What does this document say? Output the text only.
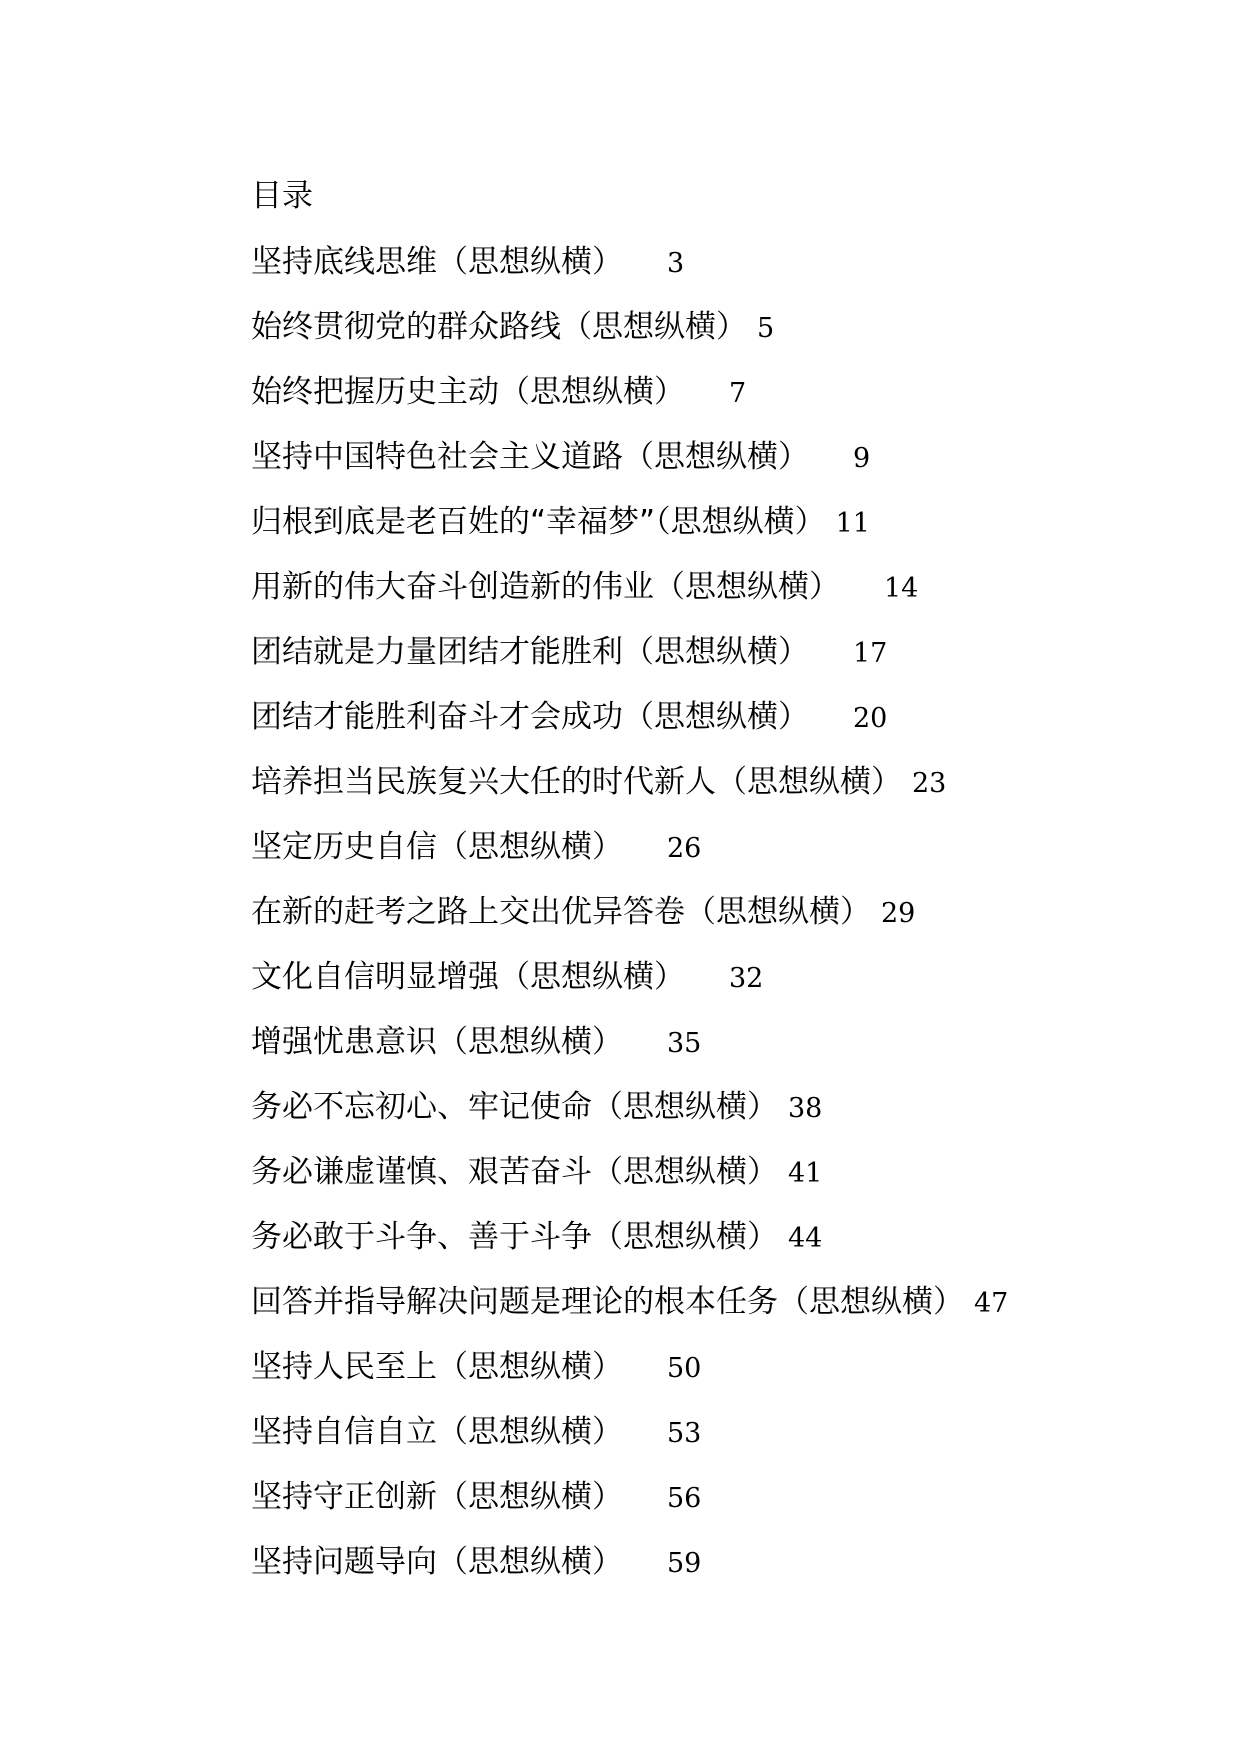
目录
坚持底线思维（思想纵横） 3
始终贯彻党的群众路线（思想纵横） 5
始终把握历史主动（思想纵横） 7
坚持中国特色社会主义道路（思想纵横） 9
归根到底是老百姓的“幸福梦”（思想纵横） 11
用新的伟大奋斗创造新的伟业（思想纵横） 14
团结就是力量团结才能胜利（思想纵横） 17
团结才能胜利奋斗才会成功（思想纵横） 20
培养担当民族复兴大任的时代新人（思想纵横） 23
坚定历史自信（思想纵横） 26
在新的赶考之路上交出优异答卷（思想纵横） 29
文化自信明显增强（思想纵横） 32
增强忧患意识（思想纵横） 35
务必不忘初心、牢记使命（思想纵横） 38
务必谦虚谨慎、艰苦奋斗（思想纵横） 41
务必敢于斗争、善于斗争（思想纵横） 44
回答并指导解决问题是理论的根本任务（思想纵横） 47
坚持人民至上（思想纵横） 50
坚持自信自立（思想纵横） 53
坚持守正创新（思想纵横） 56
坚持问题导向（思想纵横） 59
